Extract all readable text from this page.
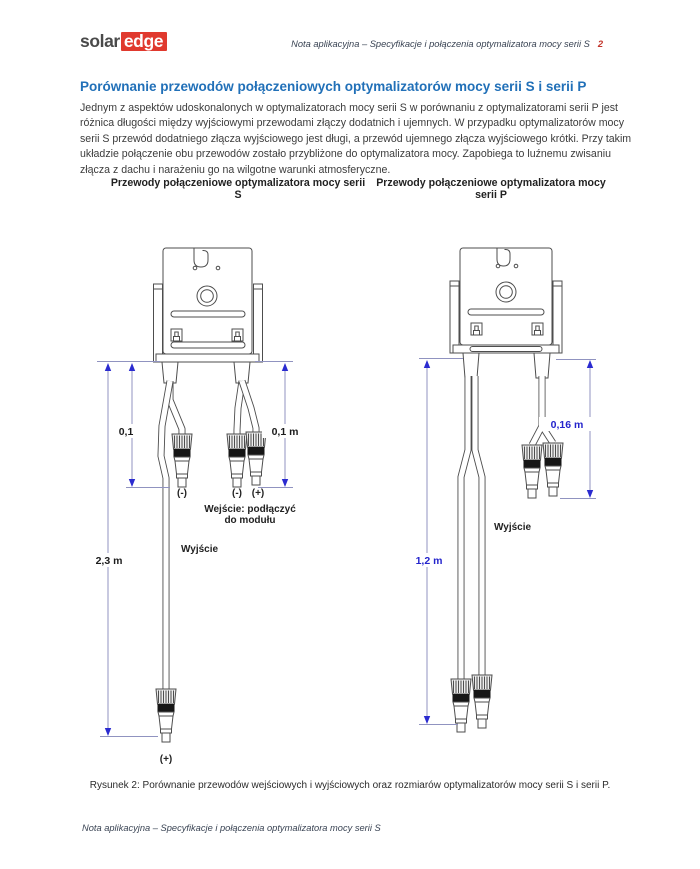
solar edge	Nota aplikacyjna – Specyfikacje i połączenia optymalizatora mocy serii S 2
Porównanie przewodów połączeniowych optymalizatorów mocy serii S i serii P
Jednym z aspektów udoskonalonych w optymalizatorach mocy serii S w porównaniu z optymalizatorami serii P jest różnica długości między wyjściowymi przewodami złączy dodatnich i ujemnych. W przypadku optymalizatorów mocy serii S przewód dodatniego złącza wyjściowego jest długi, a przewód ujemnego złącza wyjściowego krótki. Przy takim układzie połączenie obu przewodów zostało przybliżone do optymalizatora mocy. Zapobiega to luźnemu zwisaniu złącza z dachu i narażeniu go na wilgotne warunki atmosferyczne.
Przewody połączeniowe optymalizatora mocy serii S
Przewody połączeniowe optymalizatora mocy serii P
0,1	0,1 m
2,3 m
(-)	(-) (+)
Wejście: podłączyć
do modułu
Wyjście
(+)
1,2 m
0,16 m
Wyjście
Rysunek 2: Porównanie przewodów wejściowych i wyjściowych oraz rozmiarów optymalizatorów mocy serii S i serii P.
Nota aplikacyjna – Specyfikacje i połączenia optymalizatora mocy serii S
